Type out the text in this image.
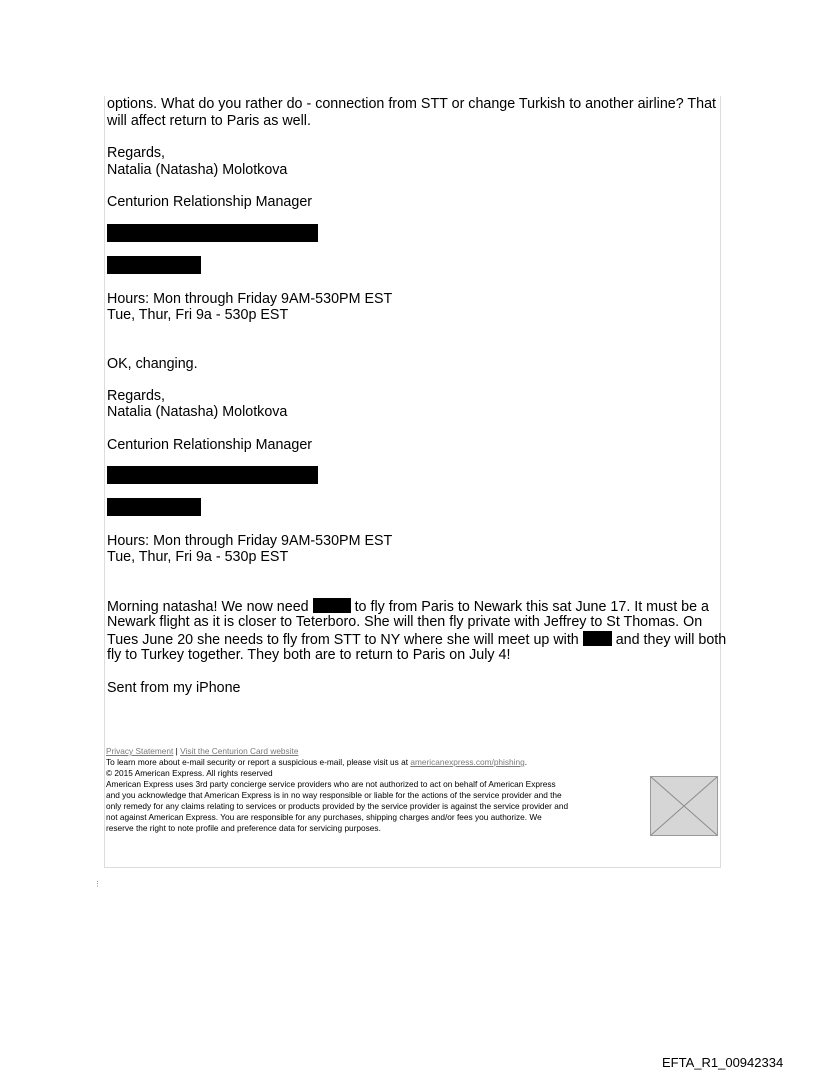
options. What do you rather do - connection from STT or change Turkish to another airline? That

will affect return to Paris as well.

Regards,

Natalia (Natasha) Molotkova

Centurion Relationship Manager

Hours: Mon through Friday 9AM-530PM EST

Tue, Thur, Fri 9a - 530p EST

OK, changing.

Regards,

Natalia (Natasha) Molotkova

Centurion Relationship Manager

Hours: Mon through Friday 9AM-530PM EST

Tue, Thur, Fri 9a - 530p EST

Morning natasha! We now need	to fly from Paris to Newark this sat June 17. It must be a

Newark flight as it is closer to Teterboro. She will then fly private with Jeffrey to St Thomas. On

Tues June 20 she needs to fly from STT to NY where she will meet up with	and they will both

fly to Turkey together. They both are to return to Paris on July 4!

Sent from my iPhone

Privacy Statement | Visit the Centurion Card website
To learn more about e-mail security or report a suspicious e-mail, please visit us at americanexpress.com/phishing.
© 2015 American Express. All rights reserved
American Express uses 3rd party concierge service providers who are not authorized to act on behalf of American Express
and you acknowledge that American Express is in no way responsible or liable for the actions of the service provider and the
only remedy for any claims relating to services or products provided by the service provider is against the service provider and
not against American Express. You are responsible for any purchases, shipping charges and/or fees you authorize. We
reserve the right to note profile and preference data for servicing purposes.
⋮
EFTA_R1_00942334
